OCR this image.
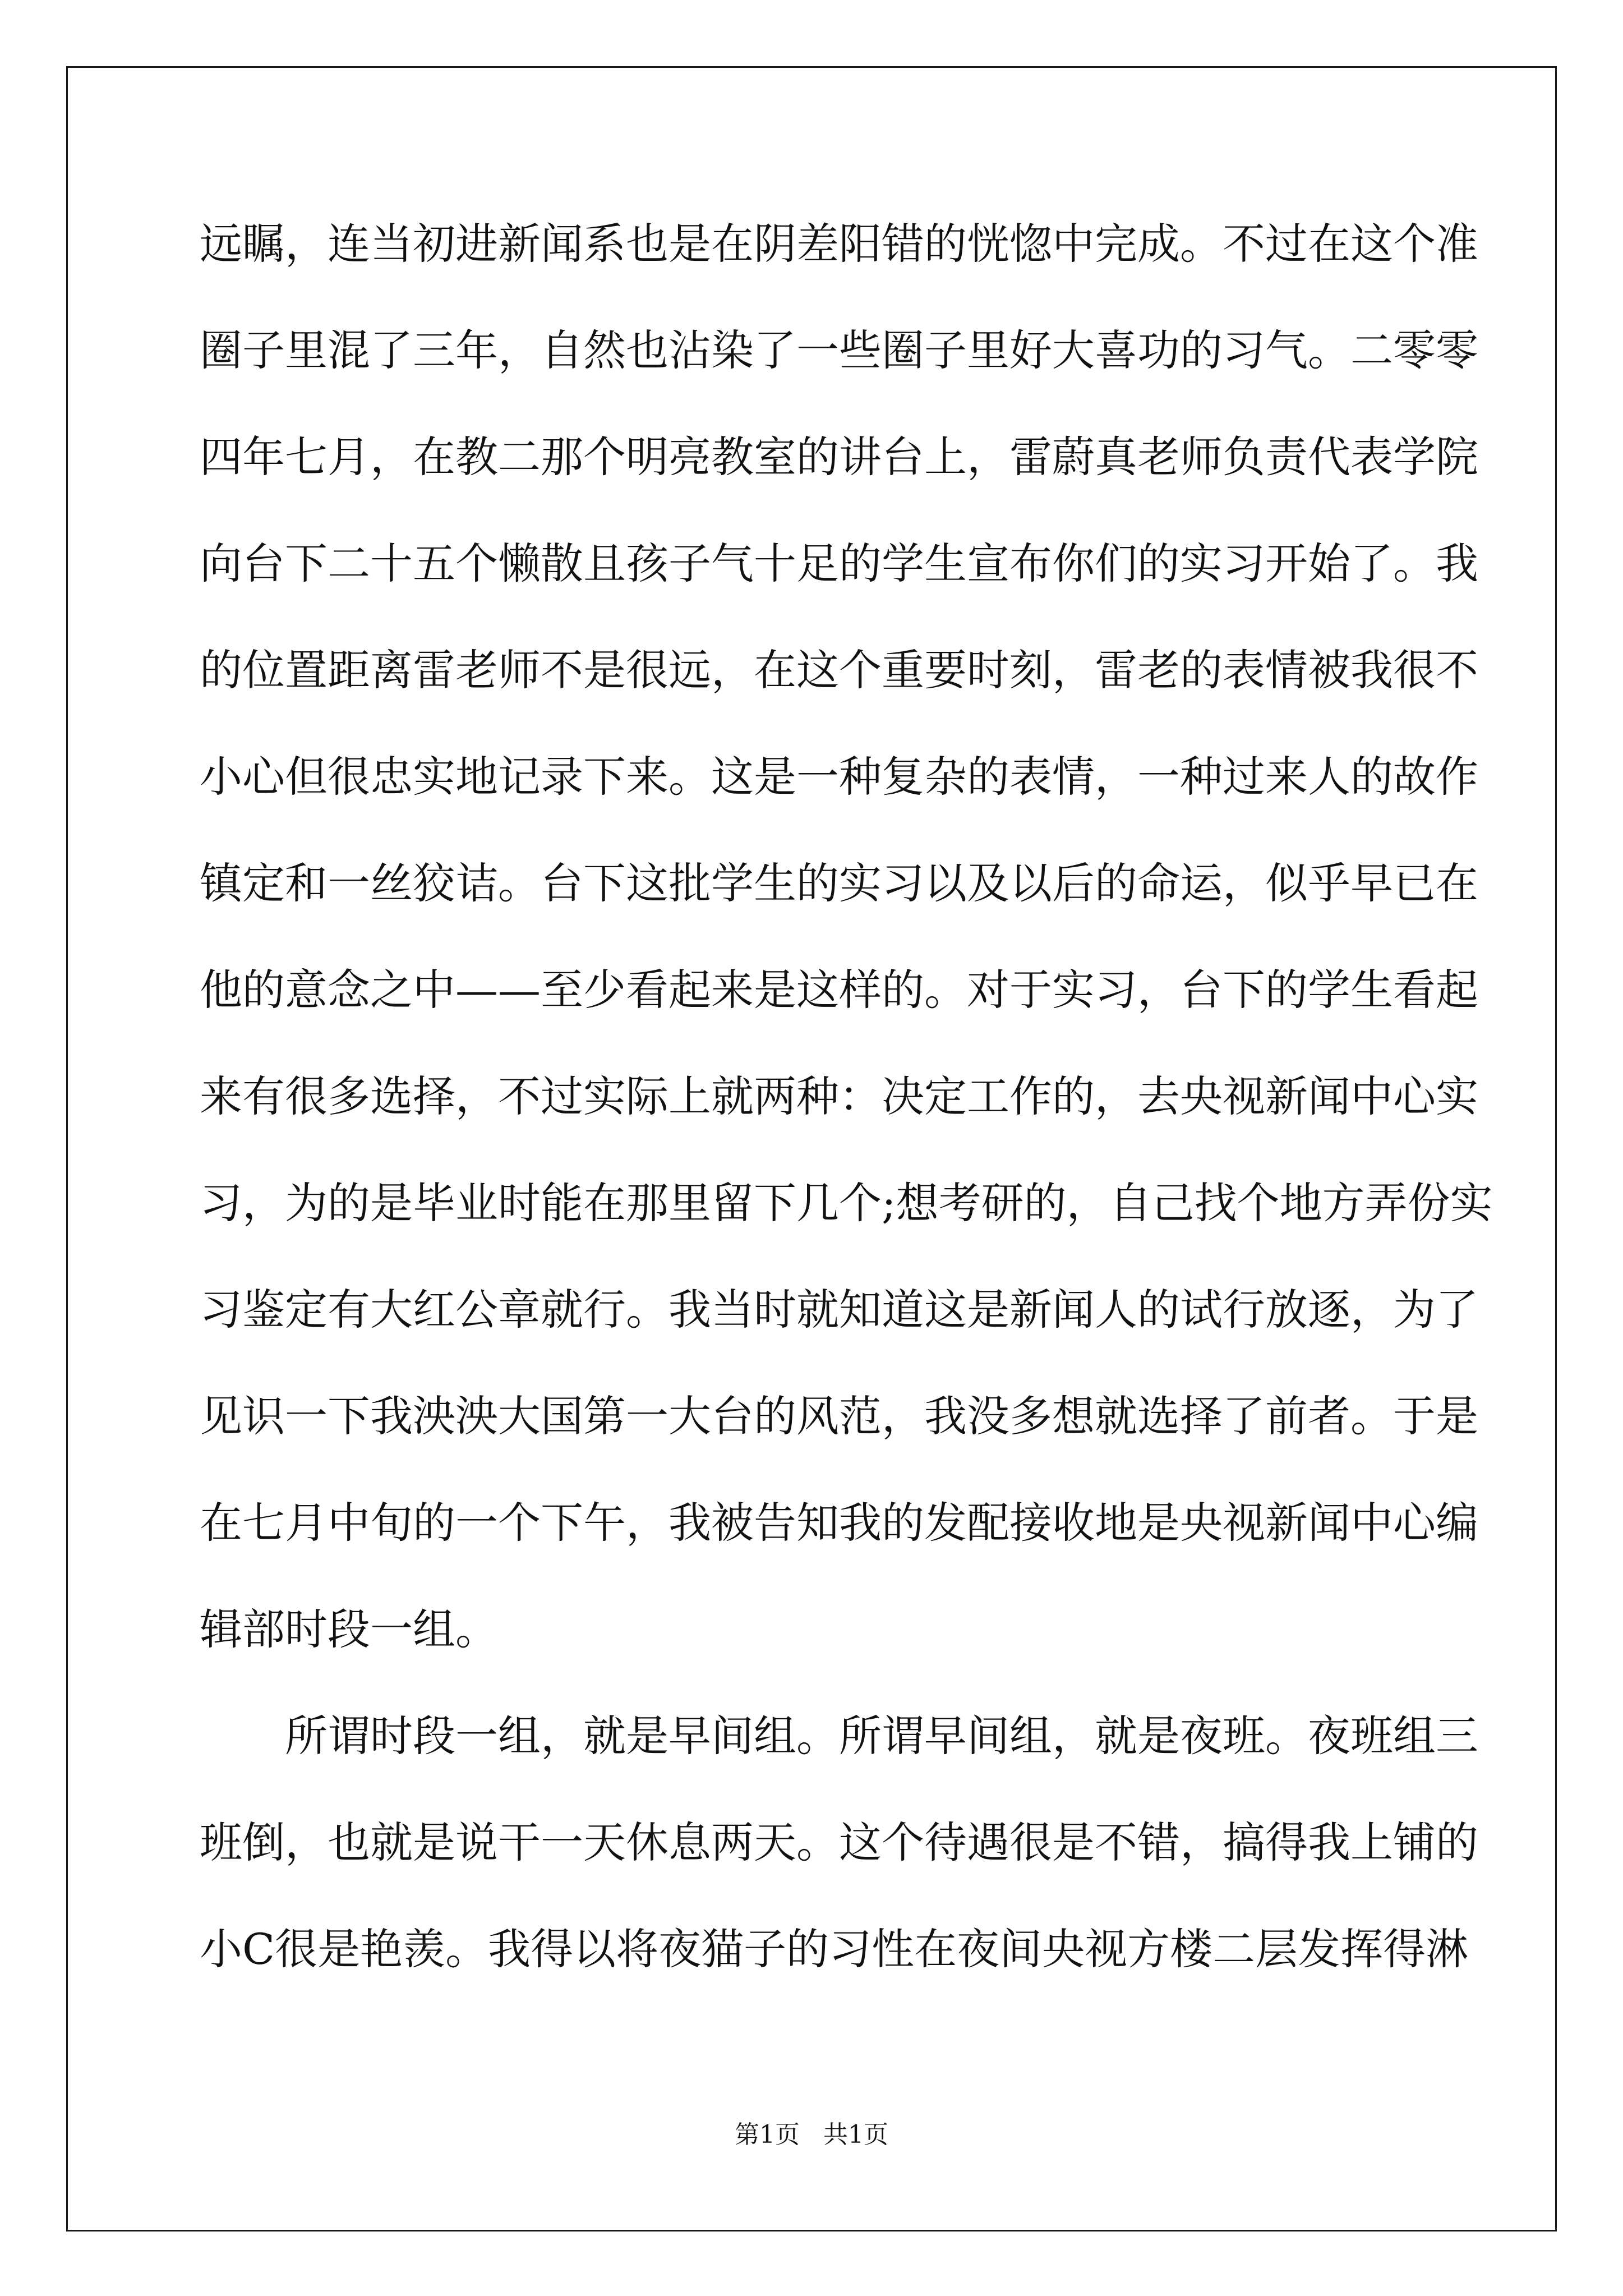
远瞩，连当初进新闻系也是在阴差阳错的恍惚中完成。不过在这个准
圈子里混了三年，自然也沾染了一些圈子里好大喜功的习气。二零零
四年七月，在教二那个明亮教室的讲台上，雷蔚真老师负责代表学院
向台下二十五个懒散且孩子气十足的学生宣布你们的实习开始了。我
的位置距离雷老师不是很远，在这个重要时刻，雷老的表情被我很不
小心但很忠实地记录下来。这是一种复杂的表情，一种过来人的故作
镇定和一丝狡诘。台下这批学生的实习以及以后的命运，似乎早已在
他的意念之中——至少看起来是这样的。对于实习，台下的学生看起
来有很多选择，不过实际上就两种：决定工作的，去央视新闻中心实
习，为的是毕业时能在那里留下几个;想考研的，自己找个地方弄份实
习鉴定有大红公章就行。我当时就知道这是新闻人的试行放逐，为了
见识一下我泱泱大国第一大台的风范，我没多想就选择了前者。于是
在七月中旬的一个下午，我被告知我的发配接收地是央视新闻中心编
辑部时段一组。
所谓时段一组，就是早间组。所谓早间组，就是夜班。夜班组三
班倒，也就是说干一天休息两天。这个待遇很是不错，搞得我上铺的
小C很是艳羡。我得以将夜猫子的习性在夜间央视方楼二层发挥得淋
第1页   共1页
